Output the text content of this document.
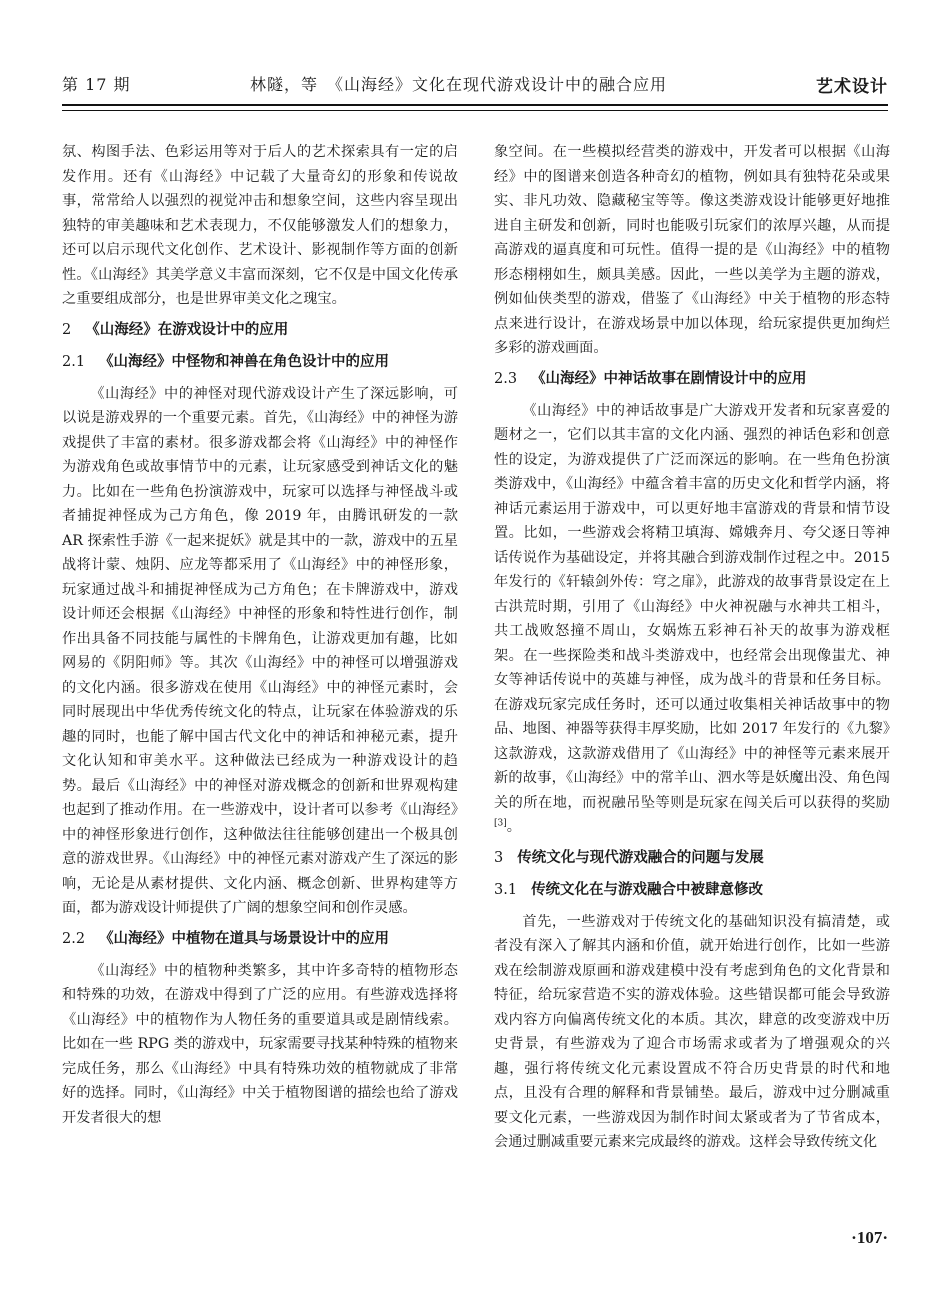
第 17 期	林隧，等　《山海经》文化在现代游戏设计中的融合应用	艺术设计

氛、构图手法、色彩运用等对于后人的艺术探索具有一定的启发作用。还有《山海经》中记载了大量奇幻的形象和传说故事，常常给人以强烈的视觉冲击和想象空间，这些内容呈现出独特的审美趣味和艺术表现力，不仅能够激发人们的想象力，还可以启示现代文化创作、艺术设计、影视制作等方面的创新性。《山海经》其美学意义丰富而深刻，它不仅是中国文化传承之重要组成部分，也是世界审美文化之瑰宝。

2 《山海经》在游戏设计中的应用
2.1 《山海经》中怪物和神兽在角色设计中的应用

《山海经》中的神怪对现代游戏设计产生了深远影响，可以说是游戏界的一个重要元素。首先，《山海经》中的神怪为游戏提供了丰富的素材。很多游戏都会将《山海经》中的神怪作为游戏角色或故事情节中的元素，让玩家感受到神话文化的魅力。比如在一些角色扮演游戏中，玩家可以选择与神怪战斗或者捕捉神怪成为己方角色，像 2019 年，由腾讯研发的一款 AR 探索性手游《一起来捉妖》就是其中的一款，游戏中的五星战将计蒙、烛阴、应龙等都采用了《山海经》中的神怪形象，玩家通过战斗和捕捉神怪成为己方角色；在卡牌游戏中，游戏设计师还会根据《山海经》中神怪的形象和特性进行创作，制作出具备不同技能与属性的卡牌角色，让游戏更加有趣，比如网易的《阴阳师》等。其次《山海经》中的神怪可以增强游戏的文化内涵。很多游戏在使用《山海经》中的神怪元素时，会同时展现出中华优秀传统文化的特点，让玩家在体验游戏的乐趣的同时，也能了解中国古代文化中的神话和神秘元素，提升文化认知和审美水平。这种做法已经成为一种游戏设计的趋势。最后《山海经》中的神怪对游戏概念的创新和世界观构建也起到了推动作用。在一些游戏中，设计者可以参考《山海经》中的神怪形象进行创作，这种做法往往能够创建出一个极具创意的游戏世界。《山海经》中的神怪元素对游戏产生了深远的影响，无论是从素材提供、文化内涵、概念创新、世界构建等方面，都为游戏设计师提供了广阔的想象空间和创作灵感。

2.2 《山海经》中植物在道具与场景设计中的应用

《山海经》中的植物种类繁多，其中许多奇特的植物形态和特殊的功效，在游戏中得到了广泛的应用。有些游戏选择将《山海经》中的植物作为人物任务的重要道具或是剧情线索。比如在一些 RPG 类的游戏中，玩家需要寻找某种特殊的植物来完成任务，那么《山海经》中具有特殊功效的植物就成了非常好的选择。同时，《山海经》中关于植物图谱的描绘也给了游戏开发者很大的想

象空间。在一些模拟经营类的游戏中，开发者可以根据《山海经》中的图谱来创造各种奇幻的植物，例如具有独特花朵或果实、非凡功效、隐藏秘宝等等。像这类游戏设计能够更好地推进自主研发和创新，同时也能吸引玩家们的浓厚兴趣，从而提高游戏的逼真度和可玩性。值得一提的是《山海经》中的植物形态栩栩如生，颇具美感。因此，一些以美学为主题的游戏，例如仙侠类型的游戏，借鉴了《山海经》中关于植物的形态特点来进行设计，在游戏场景中加以体现，给玩家提供更加绚烂多彩的游戏画面。

2.3 《山海经》中神话故事在剧情设计中的应用

《山海经》中的神话故事是广大游戏开发者和玩家喜爱的题材之一，它们以其丰富的文化内涵、强烈的神话色彩和创意性的设定，为游戏提供了广泛而深远的影响。在一些角色扮演类游戏中，《山海经》中蕴含着丰富的历史文化和哲学内涵，将神话元素运用于游戏中，可以更好地丰富游戏的背景和情节设置。比如，一些游戏会将精卫填海、嫦娥奔月、夸父逐日等神话传说作为基础设定，并将其融合到游戏制作过程之中。2015 年发行的《轩辕剑外传：穹之扉》，此游戏的故事背景设定在上古洪荒时期，引用了《山海经》中火神祝融与水神共工相斗，共工战败怒撞不周山，女娲炼五彩神石补天的故事为游戏框架。在一些探险类和战斗类游戏中，也经常会出现像蚩尤、神女等神话传说中的英雄与神怪，成为战斗的背景和任务目标。在游戏玩家完成任务时，还可以通过收集相关神话故事中的物品、地图、神器等获得丰厚奖励，比如 2017 年发行的《九黎》这款游戏，这款游戏借用了《山海经》中的神怪等元素来展开新的故事，《山海经》中的常羊山、泗水等是妖魔出没、角色闯关的所在地，而祝融吊坠等则是玩家在闯关后可以获得的奖励[3]。

3 传统文化与现代游戏融合的问题与发展
3.1 传统文化在与游戏融合中被肆意修改

首先，一些游戏对于传统文化的基础知识没有搞清楚，或者没有深入了解其内涵和价值，就开始进行创作，比如一些游戏在绘制游戏原画和游戏建模中没有考虑到角色的文化背景和特征，给玩家营造不实的游戏体验。这些错误都可能会导致游戏内容方向偏离传统文化的本质。其次，肆意的改变游戏中历史背景，有些游戏为了迎合市场需求或者为了增强观众的兴趣，强行将传统文化元素设置成不符合历史背景的时代和地点，且没有合理的解释和背景铺垫。最后，游戏中过分删减重要文化元素，一些游戏因为制作时间太紧或者为了节省成本，会通过删减重要元素来完成最终的游戏。这样会导致传统文化

·107·
